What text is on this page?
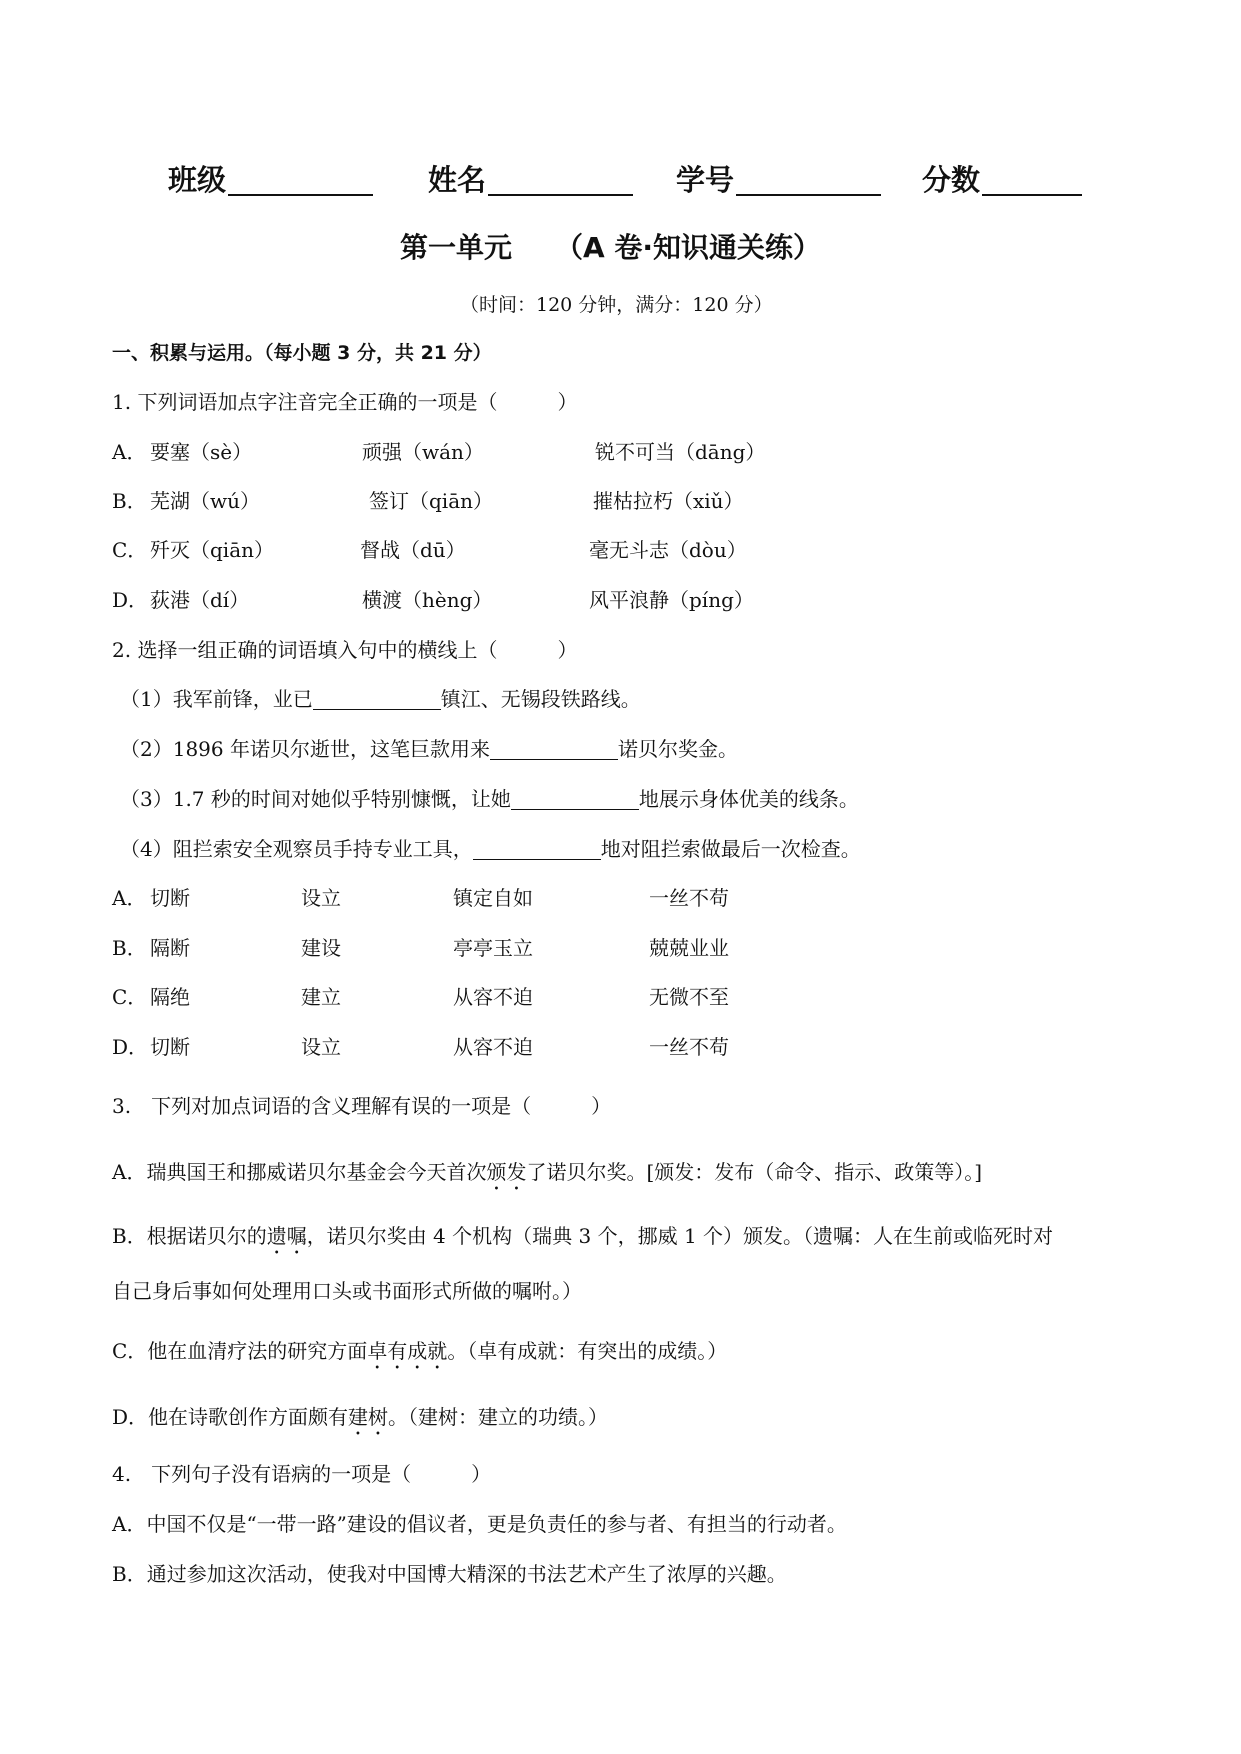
班级	姓名	学号	分数
第一单元 （A 卷·知识通关练）
（时间：120 分钟，满分：120 分）
一、积累与运用。（每小题 3 分，共 21 分）
1. 下列词语加点字注音完全正确的一项是（　　　）
A． 要塞（sè）	顽强（wán）	锐不可当（dāng）
B． 芜湖（wú）	签订（qiān）	摧枯拉朽（xiǔ）
C． 歼灭（qiān）	督战（dū）	毫无斗志（dòu）
D． 荻港（dí）	横渡（hèng）	风平浪静（píng）
2. 选择一组正确的词语填入句中的横线上（　　　）
（1）我军前锋，业已	镇江、无锡段铁路线。
（2）1896 年诺贝尔逝世，这笔巨款用来	诺贝尔奖金。
（3）1.7 秒的时间对她似乎特别慷慨，让她	地展示身体优美的线条。
（4）阻拦索安全观察员手持专业工具，	地对阻拦索做最后一次检查。
A． 切断	设立	镇定自如	一丝不苟
B． 隔断	建设	亭亭玉立	兢兢业业
C． 隔绝	建立	从容不迫	无微不至
D． 切断	设立	从容不迫	一丝不苟
3.　下列对加点词语的含义理解有误的一项是（　　　）
A．瑞典国王和挪威诺贝尔基金会今天首次颁发了诺贝尔奖。[颁发：发布（命令、指示、政策等）。]
B．根据诺贝尔的遗嘱，诺贝尔奖由 4 个机构（瑞典 3 个，挪威 1 个）颁发。（遗嘱：人在生前或临死时对
自己身后事如何处理用口头或书面形式所做的嘱咐。）
C．他在血清疗法的研究方面卓有成就。（卓有成就：有突出的成绩。）
D．他在诗歌创作方面颇有建树。（建树：建立的功绩。）
4.　下列句子没有语病的一项是（　　　）
A．中国不仅是“一带一路”建设的倡议者，更是负责任的参与者、有担当的行动者。
B．通过参加这次活动，使我对中国博大精深的书法艺术产生了浓厚的兴趣。
